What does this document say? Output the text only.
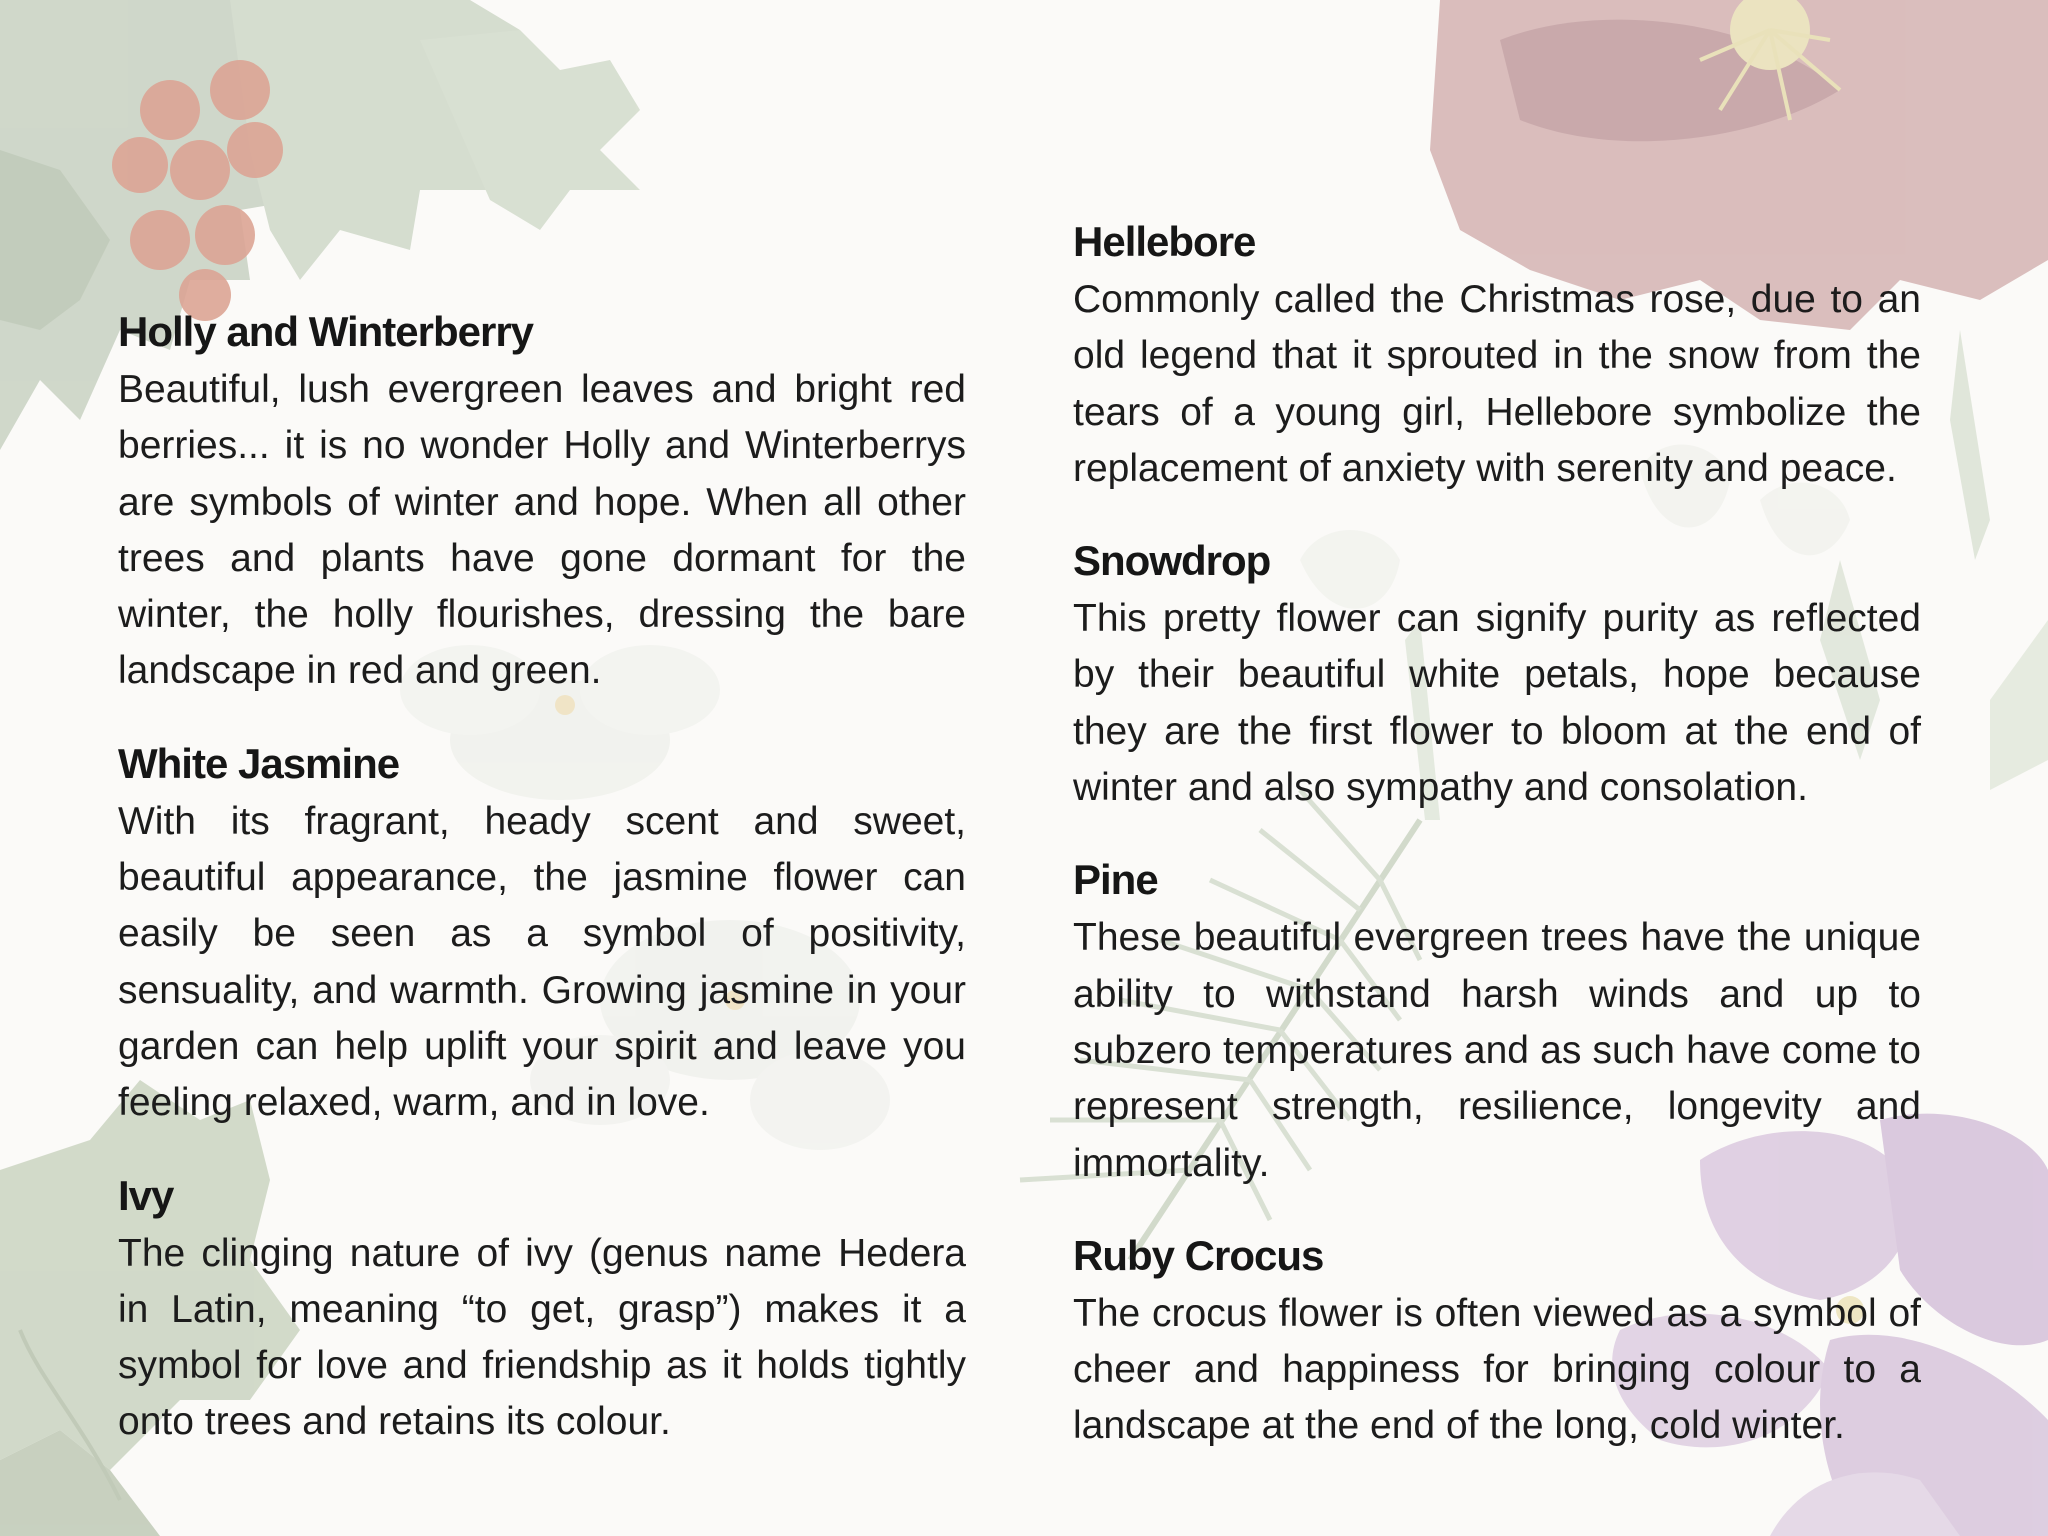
Holly and Winterberry

Beautiful, lush evergreen leaves and bright red berries... it is no wonder Holly and Winterberrys are symbols of winter and hope. When all other trees and plants have gone dormant for the winter, the holly flourishes, dressing the bare landscape in red and green.

White Jasmine

With its fragrant, heady scent and sweet, beautiful appearance, the jasmine flower can easily be seen as a symbol of positivity, sensuality, and warmth. Growing jasmine in your garden can help uplift your spirit and leave you feeling relaxed, warm, and in love.

Ivy

The clinging nature of ivy (genus name Hedera in Latin, meaning “to get, grasp”) makes it a symbol for love and friendship as it holds tightly onto trees and retains its colour.

Hellebore

Commonly called the Christmas rose, due to an old legend that it sprouted in the snow from the tears of a young girl, Hellebore symbolize the replacement of anxiety with serenity and peace.

Snowdrop

This pretty flower can signify purity as reflected by their beautiful white petals, hope because they are the first flower to bloom at the end of winter and also sympathy and consolation.

Pine

These beautiful evergreen trees have the unique ability to withstand harsh winds and up to subzero temperatures and as such have come to represent strength, resilience, longevity and immortality.

Ruby Crocus

The crocus flower is often viewed as a symbol of cheer and happiness for bringing colour to a landscape at the end of the long, cold winter.
